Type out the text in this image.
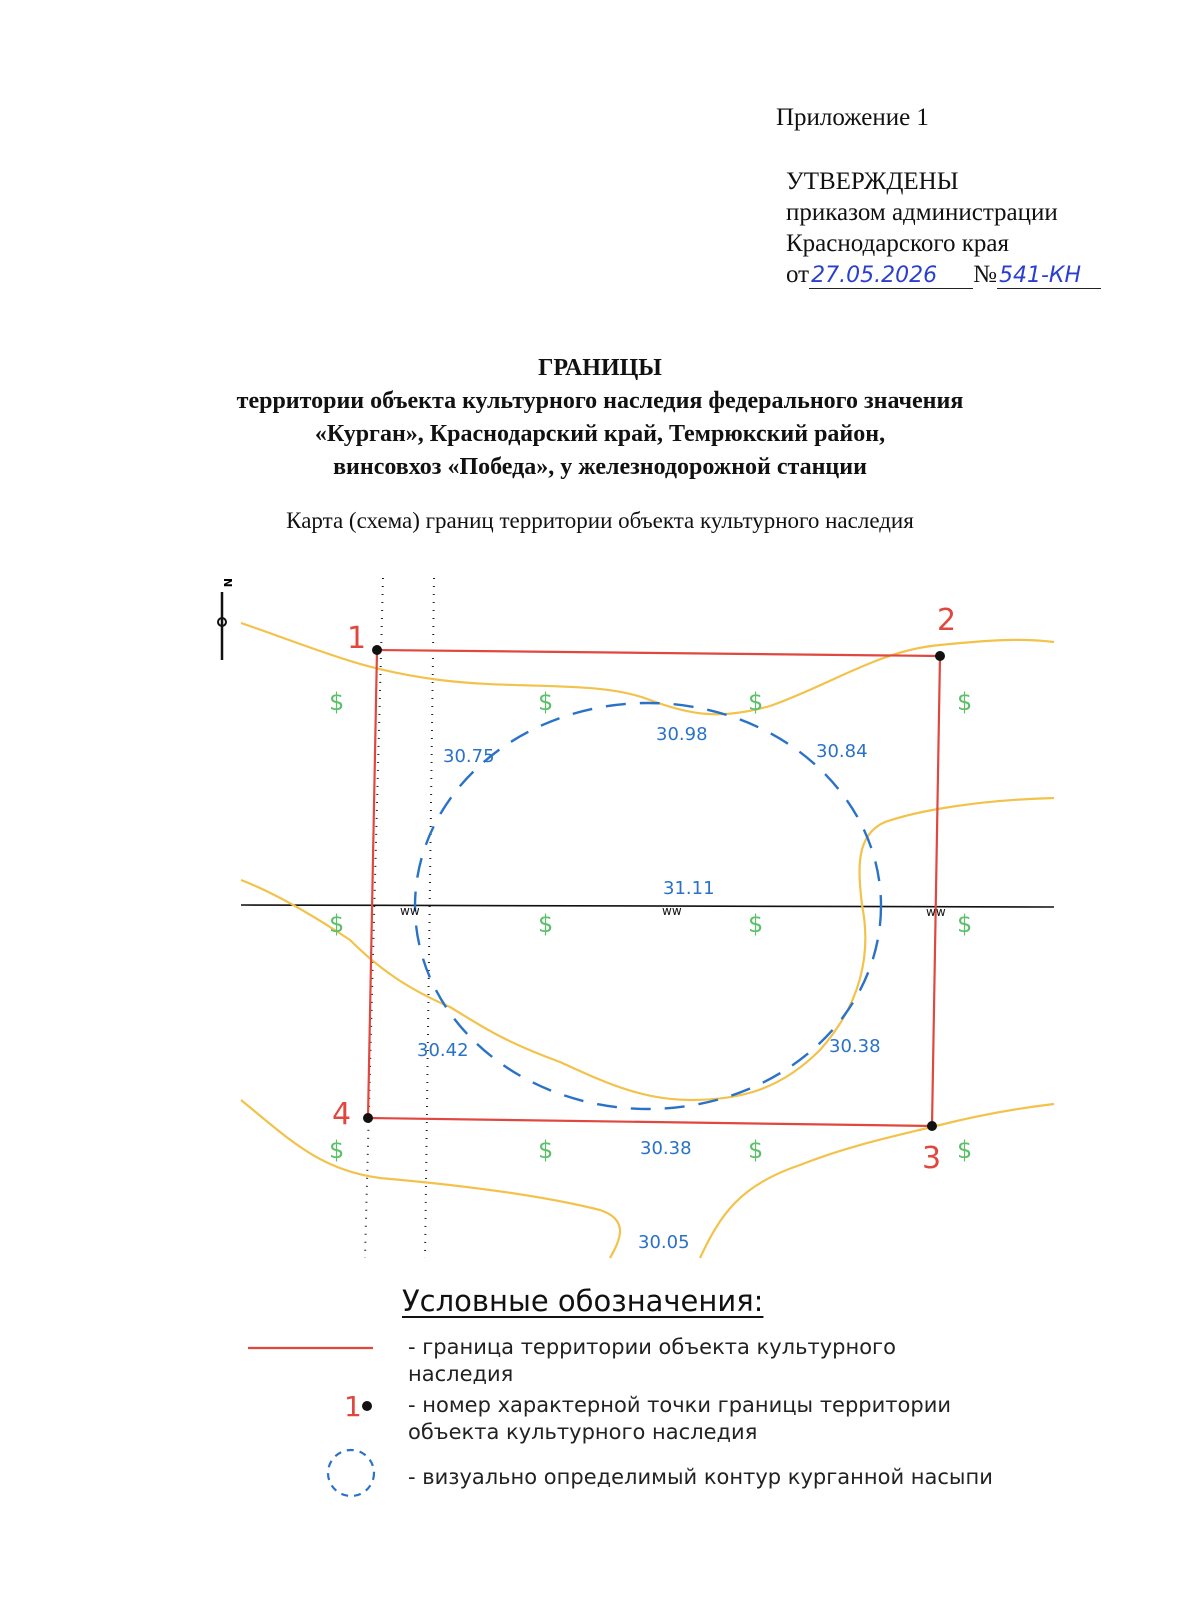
Приложение 1
УТВЕРЖДЕНЫ
приказом администрации
Краснодарского края
от27.05.2026 №541-КН
ГРАНИЦЫ
территории объекта культурного наследия федерального значения
«Курган», Краснодарский край, Темрюкский район,
винсовхоз «Победа», у железнодорожной станции
Карта (схема) границ территории объекта культурного наследия
N
1
2
3
4
30.75
30.98
30.84
31.11
30.42	30.38
30.38
30.05
ww	ww	ww
$	$	$	$
$	$	$	$
$	$	$	$
Условные обозначения:
1
- граница территории объекта культурного наследия
- номер характерной точки границы территории объекта культурного наследия
- визуально определимый контур курганной насыпи
